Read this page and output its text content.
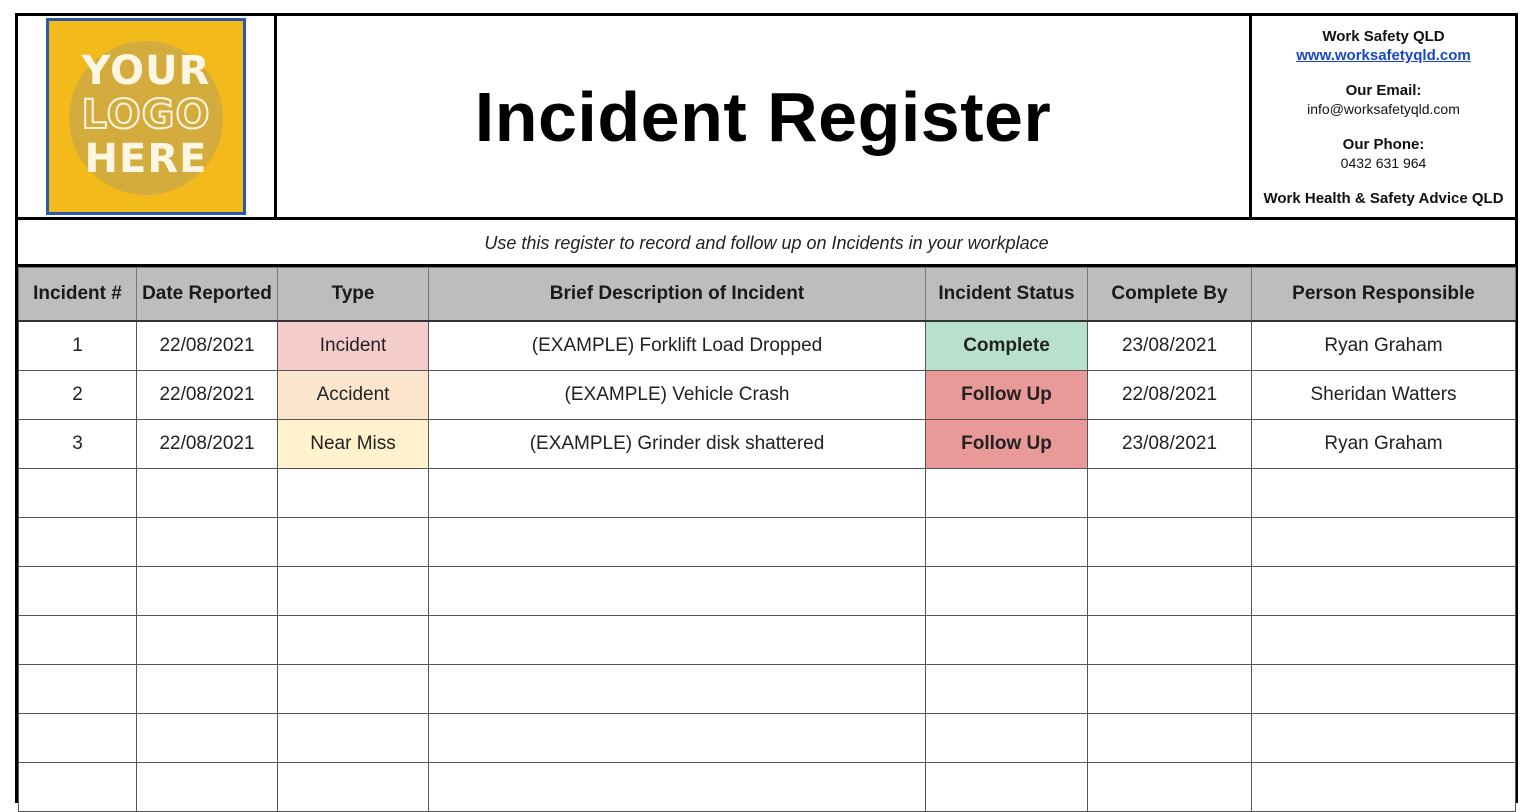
YOUR
LOGO
HERE
Incident Register
Work Safety QLD
www.worksafetyqld.com
Our Email:
info@worksafetyqld.com
Our Phone:
0432 631 964
Work Health & Safety Advice QLD
Use this register to record and follow up on Incidents in your workplace
Incident #	Date Reported	Type	Brief Description of Incident	Incident Status	Complete By	Person Responsible
1	22/08/2021	Incident	(EXAMPLE) Forklift Load Dropped	Complete	23/08/2021	Ryan Graham
2	22/08/2021	Accident	(EXAMPLE) Vehicle Crash	Follow Up	22/08/2021	Sheridan Watters
3	22/08/2021	Near Miss	(EXAMPLE) Grinder disk shattered	Follow Up	23/08/2021	Ryan Graham
